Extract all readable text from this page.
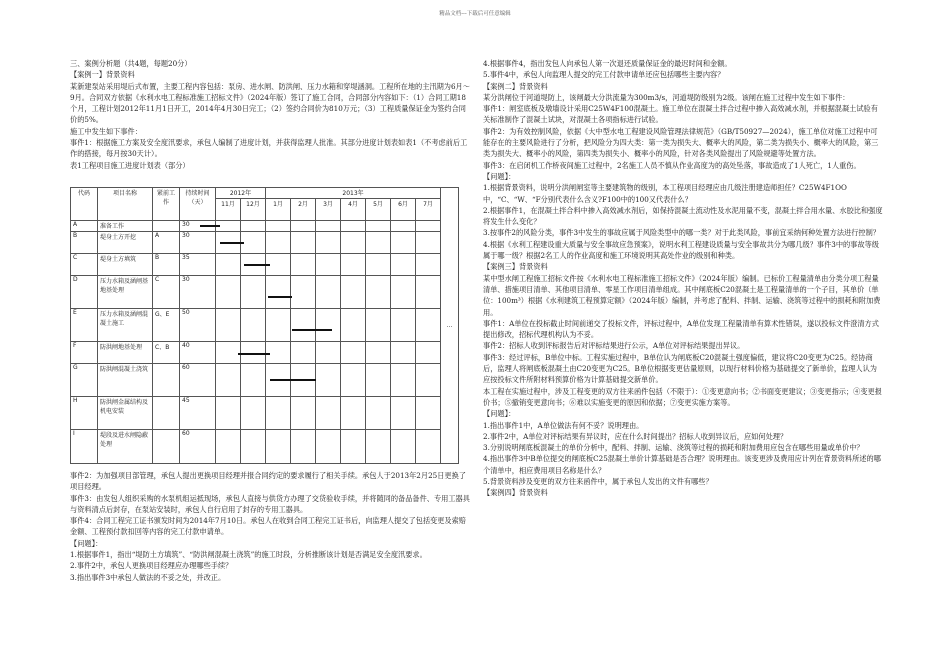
精品文档---下载后可任意编辑

三、案例分析题（共4题，每题20分）

【案例一】背景资料

某新建泵站采用堤后式布置，主要工程内容包括：泵房、进水闸、防洪闸、压力水箱和穿堤涵洞。工程所在地的主汛期为6月～9月。合同双方依据《水利水电工程标准施工招标文件》（2024年版）签订了施工合同，合同部分内容如下：（1）合同工期18个月，工程计划2012年11月1日开工，2014年4月30日完工；（2）签约合同价为810万元；（3）工程质量保证金为签约合同价的5%。

施工中发生如下事件：

事件1：根据施工方案及安全度汛要求，承包人编制了进度计划，并获得监理人批准。其部分进度计划表如表1（不考虑前后工作的搭接，每月按30天计）。

表1工程项目施工进度计划表（部分）

代码	项目名称	紧前工作	持续时间（天）	2012年		2013年							…
				11月	12月	1月	2月	3月	4月	5月	6月	7月	
A	准备工作		30										
B	堤身土方开挖	A	30										
C	堤身土方填筑	B	35										
D	压力水箱及涵闸基地基处理	C	30										
E	压力水箱及涵闸混凝土施工	G、E	50										
F	防洪闸地基处理	C、B	40										
G	防洪闸混凝土浇筑		60										
H	防洪闸金属结构及机电安装		45										
I	堤段及进水闸隐蔽处理		60										

事件2：为加强项目部管理，承包人提出更换项目经理并报合同约定的要求履行了相关手续。承包人于2013年2月25日更换了项目经理。

事件3：由发包人组织采购的水泵机组运抵现场，承包人直接与供货方办理了交货验收手续，并将随同的备品备件、专用工器具与资料清点后封存，在泵站安装时，承包人自行启用了封存的专用工器具。

事件4：合同工程完工证书颁发时间为2014年7月10日。承包人在收到合同工程完工证书后，向监理人提交了包括变更及索赔金额、工程预付款扣回等内容的完工付款申请单。

【问题】：

1.根据事件1，指出“堤防土方填筑”、“防洪闸混凝土浇筑”的施工时段，分析推断该计划是否满足安全度汛要求。

2.事件2中，承包人更换项目经理应办理哪些手续？

3.指出事件3中承包人做法的不妥之处，并改正。

4.根据事件4，指出发包人向承包人第一次退还质量保证金的最迟时间和金额。

5.事件4中，承包人向监理人提交的完工付款申请单还应包括哪些主要内容？

【案例二】背景资料

某分洪闸位于河道堤防上，该闸最大分洪流量为300m3/s，河道堤防级别为2级。该闸在施工过程中发生如下事件：

事件1：闸室底板及墩墙设计采用C25W4F100混凝土。施工单位在混凝土拌合过程中掺入高效减水剂，并根据混凝土试验有关标准制作了混凝土试块，对混凝土各项指标进行试验。

事件2：为有效控制风险，依据《大中型水电工程建设风险管理法律规范》（GB/T50927—2024），施工单位对施工过程中可能存在的主要风险进行了分析，把风险分为四大类：第一类为损失大、概率大的风险，第二类为损失小、概率大的风险，第三类为损失大、概率小的风险，第四类为损失小、概率小的风险，针对各类风险提出了风险规避等处置方法。

事件3：在启闭机工作桥夜间施工过程中，2名施工人员不慎从作业高度为的高处坠落，事故造成了1人死亡，1人重伤。

【问题】：

1.根据背景资料，说明分洪闸闸室等主要建筑物的级别，本工程项目经理应由几级注册建造师担任？C25W4F1OO中，“C、“W、“F分别代表什么含义?F100中的100又代表什么？

2.根据事件1，在混凝土拌合料中掺入高效减水剂后，如保持混凝土流动性及水泥用量不变，混凝土拌合用水量、水胶比和强度将发生什么变化？

3.按事件2的风险分类，事件3中发生的事故应属于风险类型中的哪一类？对于此类风险，事前宜采纳何种处置方法进行控制？

4.根据《水利工程建设重大质量与安全事故应急预案》，说明水利工程建设质量与安全事故共分为哪几级？事件3中的事故等级属于哪一级？根据2名工人的作业高度和施工环境说明其高处作业的级别和种类。

【案例三】背景资料

某中型水闸工程施工招标文件按《水利水电工程标准施工招标文件》（2024年版）编制。已标价工程量清单由分类分项工程量清单、措施项目清单、其他项目清单、零星工作项目清单组成。其中闸底板C20混凝土是工程量清单的一个子目，其单价（单位：100m³）根据《水利建筑工程预算定额》（2024年版）编制，并考虑了配料、拌制、运输、浇筑等过程中的损耗和附加费用。

事件1：A单位在投标截止时间前递交了投标文件，评标过程中，A单位发现工程量清单有算术性错误，遂以投标文件澄清方式提出修改，招标代理机构认为不妥。

事件2：招标人收到评标报告后对评标结果进行公示，A单位对评标结果提出异议。

事件3：经过评标，B单位中标。工程实施过程中，B单位认为闸底板C20混凝土强度偏低，建议将C20变更为C25。经协商后，监理人将闸底板混凝土由C20变更为C25。B单位根据变更估量原则，以现行材料价格为基础提交了新单价，监理人认为应按投标文件所附材料预算价格为计算基础提交新单价。

本工程在实施过程中，涉及工程变更的双方往来函件包括（不限于）：①变更意向书；②书面变更建议；③变更指示；④变更报价书；⑤撤销变更意向书；⑥难以实施变更的原因和依据；⑦变更实施方案等。

【问题】：

1.指出事件1中，A单位做法有何不妥？说明理由。

2.事件2中，A单位对评标结果有异议时，应在什么时间提出？招标人收到异议后，应如何处理？

3.分别说明闸底板混凝土的单价分析中，配料、拌制、运输、浇筑等过程的损耗和附加费用应包含在哪些用量或单价中？

4.指出事件3中B单位提交的闸底板C25混凝土单价计算基础是否合理？说明理由。该变更涉及费用应计列在背景资料所述的哪个清单中，相应费用项目名称是什么？

5.背景资料涉及变更的双方往来函件中，属于承包人发出的文件有哪些？

【案例四】背景资料
